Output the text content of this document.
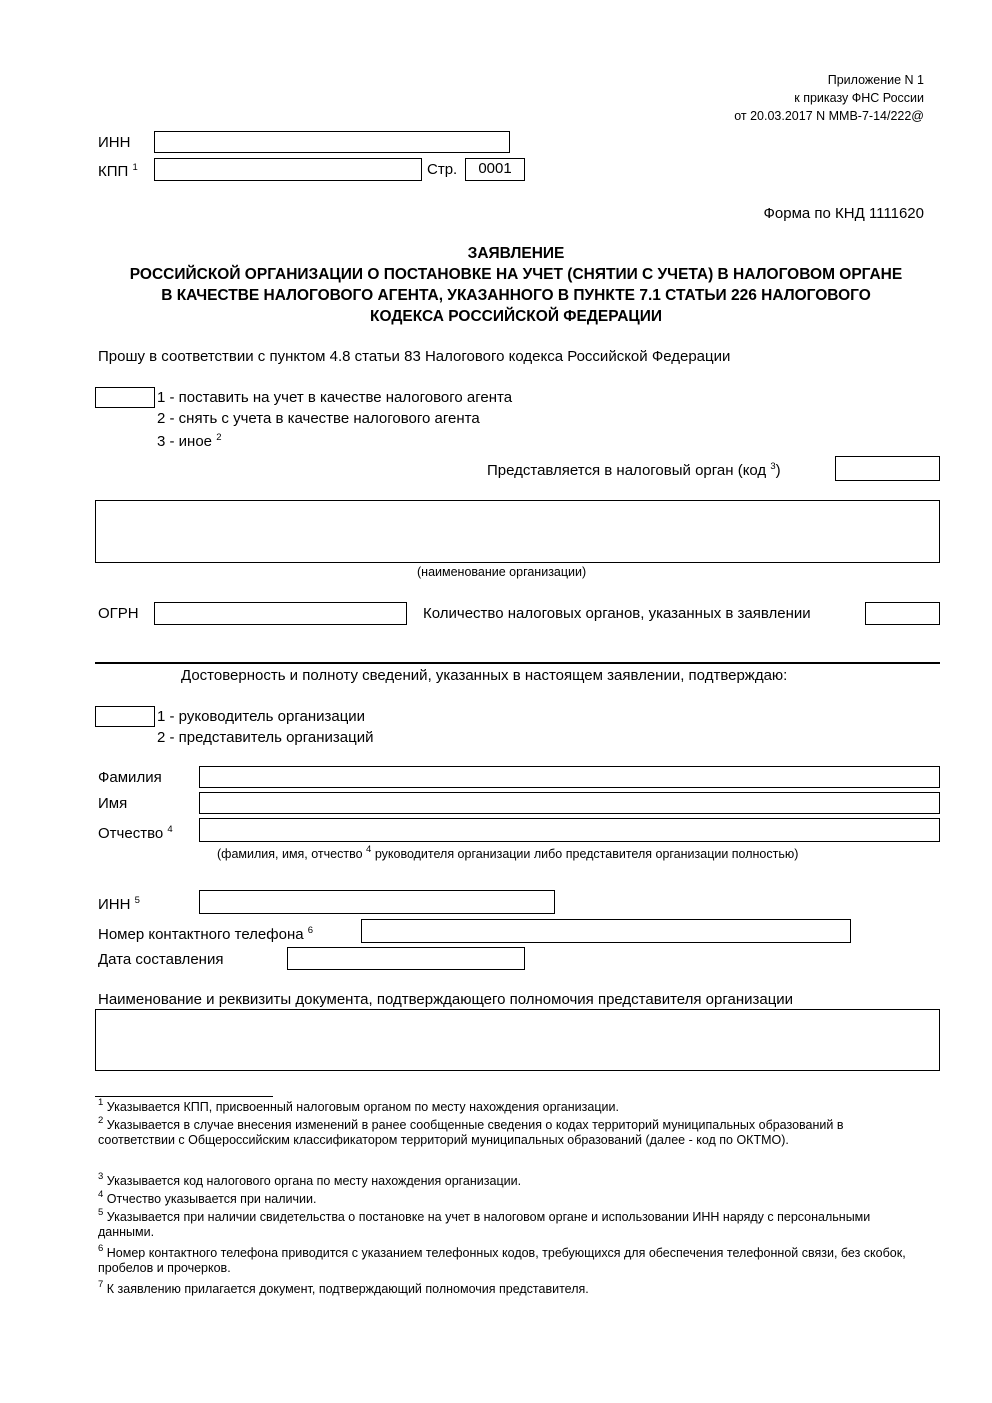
Приложение N 1
к приказу ФНС России
от 20.03.2017 N ММВ-7-14/222@
ИНН
КПП $^1$	Стр.	0001
Форма по КНД 1111620
ЗАЯВЛЕНИЕ
РОССИЙСКОЙ ОРГАНИЗАЦИИ О ПОСТАНОВКЕ НА УЧЕТ (СНЯТИИ С УЧЕТА) В НАЛОГОВОМ ОРГАНЕ
В КАЧЕСТВЕ НАЛОГОВОГО АГЕНТА, УКАЗАННОГО В ПУНКТЕ 7.1 СТАТЬИ 226 НАЛОГОВОГО
КОДЕКСА РОССИЙСКОЙ ФЕДЕРАЦИИ
Прошу в соответствии с пунктом 4.8 статьи 83 Налогового кодекса Российской Федерации
1 - поставить на учет в качестве налогового агента
2 - снять с учета в качестве налогового агента
3 - иное $^2$
Представляется в налоговый орган (код $^3$)
(наименование организации)
ОГРН	Количество налоговых органов, указанных в заявлении
Достоверность и полноту сведений, указанных в настоящем заявлении, подтверждаю:
1 - руководитель организации
2 - представитель организаций
Фамилия
Имя
Отчество $^4$
(фамилия, имя, отчество $^4$ руководителя организации либо представителя организации полностью)
ИНН $^5$
Номер контактного телефона $^6$
Дата составления
Наименование и реквизиты документа, подтверждающего полномочия представителя организации
$^1$ Указывается КПП, присвоенный налоговым органом по месту нахождения организации.
$^2$ Указывается в случае внесения изменений в ранее сообщенные сведения о кодах территорий муниципальных образований в соответствии с Общероссийским классификатором территорий муниципальных образований (далее - код по ОКТМО).
$^3$ Указывается код налогового органа по месту нахождения организации.
$^4$ Отчество указывается при наличии.
$^5$ Указывается при наличии свидетельства о постановке на учет в налоговом органе и использовании ИНН наряду с персональными данными.
$^6$ Номер контактного телефона приводится с указанием телефонных кодов, требующихся для обеспечения телефонной связи, без скобок, пробелов и прочерков.
$^7$ К заявлению прилагается документ, подтверждающий полномочия представителя.
